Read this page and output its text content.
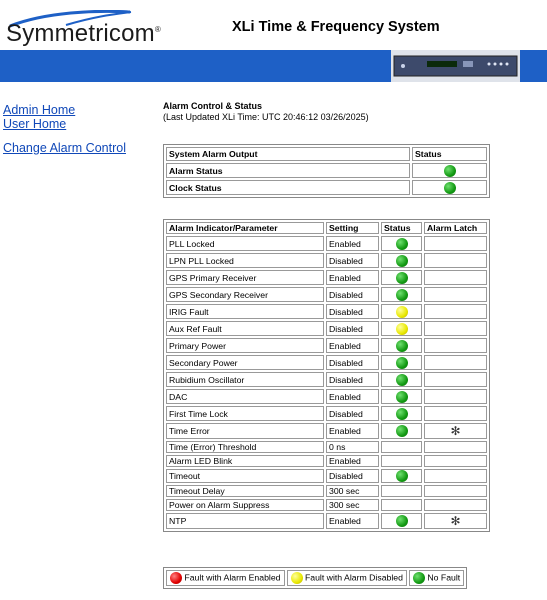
Symmetricom®	XLi Time & Frequency System
Admin Home
User Home
Change Alarm Control
Alarm Control & Status
(Last Updated XLi Time: UTC 20:46:12 03/26/2025)
System Alarm Output	Status
Alarm Status	
Clock Status	
Alarm Indicator/Parameter	Setting	Status	Alarm Latch
PLL Locked	Enabled		
LPN PLL Locked	Disabled		
GPS Primary Receiver	Enabled		
GPS Secondary Receiver	Disabled		
IRIG Fault	Disabled		
Aux Ref Fault	Disabled		
Primary Power	Enabled		
Secondary Power	Disabled		
Rubidium Oscillator	Disabled		
DAC	Enabled		
First Time Lock	Disabled		
Time Error	Enabled		✻
Time (Error) Threshold	0 ns		
Alarm LED Blink	Enabled		
Timeout	Disabled		
Timeout Delay	300 sec		
Power on Alarm Suppress	300 sec		
NTP	Enabled		✻
Fault with Alarm Enabled	Fault with Alarm Disabled	No Fault
